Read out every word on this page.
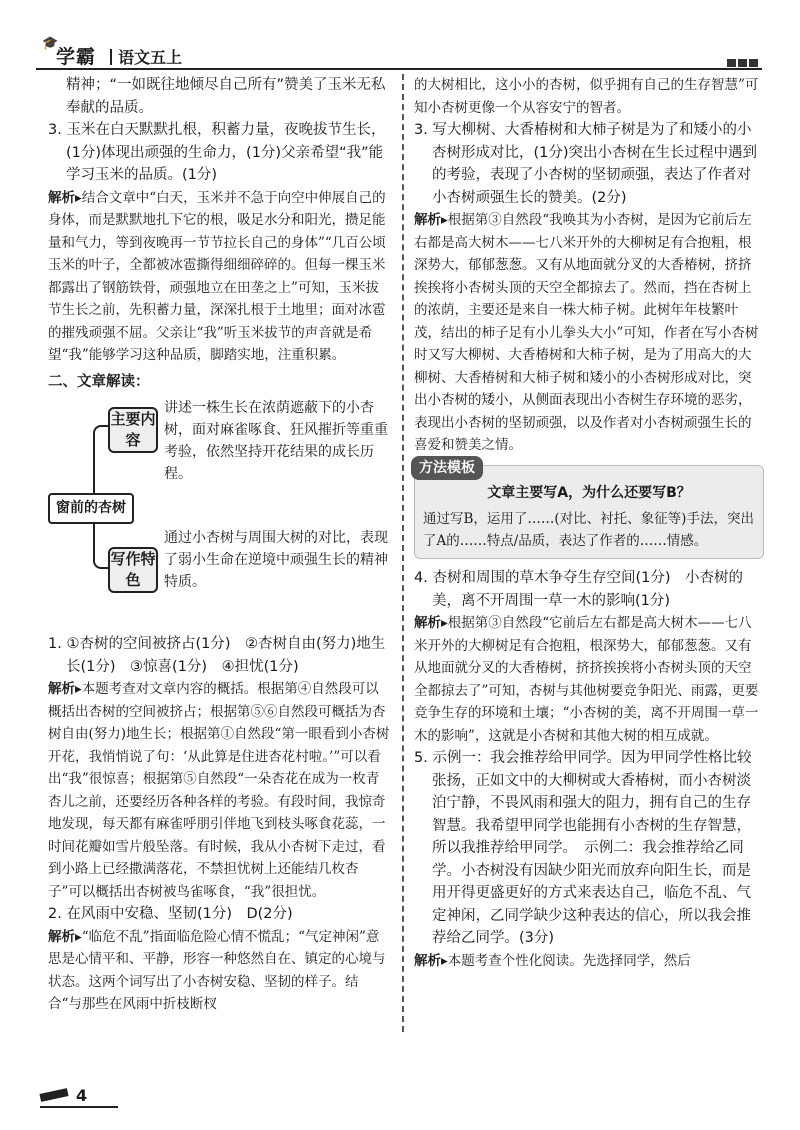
🎓
学霸	语文五上

精神；“一如既往地倾尽自己所有”赞美了玉米无私奉献的品质。

3. 玉米在白天默默扎根，积蓄力量，夜晚拔节生长，(1分)体现出顽强的生命力，(1分)父亲希望“我”能学习玉米的品质。(1分)

解析▸结合文章中“白天，玉米并不急于向空中伸展自己的身体，而是默默地扎下它的根，吸足水分和阳光，攒足能量和气力，等到夜晚再一节节拉长自己的身体”“几百公顷玉米的叶子，全都被冰雹撕得细细碎碎的。但每一棵玉米都露出了钢筋铁骨，顽强地立在田垄之上”可知，玉米拔节生长之前，先积蓄力量，深深扎根于土地里；面对冰雹的摧残顽强不屈。父亲让“我”听玉米拔节的声音就是希望“我”能够学习这种品质，脚踏实地，注重积累。

二、文章解读：

窗前的杏树
主要内容
讲述一株生长在浓荫遮蔽下的小杏树，面对麻雀啄食、狂风摧折等重重考验，依然坚持开花结果的成长历程。
写作特色
通过小杏树与周围大树的对比，表现了弱小生命在逆境中顽强生长的精神特质。

1. ①杏树的空间被挤占(1分)　②杏树自由(努力)地生长(1分)　③惊喜(1分)　④担忧(1分)

解析▸本题考查对文章内容的概括。根据第④自然段可以概括出杏树的空间被挤占；根据第⑤⑥自然段可概括为杏树自由(努力)地生长；根据第①自然段“第一眼看到小杏树开花，我悄悄说了句：‘从此算是住进杏花村啦。’”可以看出“我”很惊喜；根据第⑤自然段“一朵杏花在成为一枚青杏儿之前，还要经历各种各样的考验。有段时间，我惊奇地发现，每天都有麻雀呼朋引伴地飞到枝头啄食花蕊，一时间花瓣如雪片般坠落。有时候，我从小杏树下走过，看到小路上已经撒满落花，不禁担忧树上还能结几枚杏子”可以概括出杏树被鸟雀啄食，“我”很担忧。

2. 在风雨中安稳、坚韧(1分)　D(2分)

解析▸“临危不乱”指面临危险心情不慌乱；“气定神闲”意思是心情平和、平静，形容一种悠然自在、镇定的心境与状态。这两个词写出了小杏树安稳、坚韧的样子。结合“与那些在风雨中折枝断杈

的大树相比，这小小的杏树，似乎拥有自己的生存智慧”可知小杏树更像一个从容安宁的智者。

3. 写大柳树、大香椿树和大柿子树是为了和矮小的小杏树形成对比，(1分)突出小杏树在生长过程中遇到的考验，表现了小杏树的坚韧顽强，表达了作者对小杏树顽强生长的赞美。(2分)

解析▸根据第③自然段“我唤其为小杏树，是因为它前后左右都是高大树木——七八米开外的大柳树足有合抱粗，根深势大，郁郁葱葱。又有从地面就分叉的大香椿树，挤挤挨挨将小杏树头顶的天空全都掠去了。然而，挡在杏树上的浓荫，主要还是来自一株大柿子树。此树年年枝繁叶茂，结出的柿子足有小儿拳头大小”可知，作者在写小杏树时又写大柳树、大香椿树和大柿子树，是为了用高大的大柳树、大香椿树和大柿子树和矮小的小杏树形成对比，突出小杏树的矮小，从侧面表现出小杏树生存环境的恶劣，表现出小杏树的坚韧顽强，以及作者对小杏树顽强生长的喜爱和赞美之情。

方法模板

文章主要写A，为什么还要写B？

通过写B，运用了……(对比、衬托、象征等)手法，突出了A的……特点/品质，表达了作者的……情感。

4. 杏树和周围的草木争夺生存空间(1分)　小杏树的美，离不开周围一草一木的影响(1分)

解析▸根据第③自然段“它前后左右都是高大树木——七八米开外的大柳树足有合抱粗，根深势大，郁郁葱葱。又有从地面就分叉的大香椿树，挤挤挨挨将小杏树头顶的天空全都掠去了”可知，杏树与其他树要竞争阳光、雨露，更要竞争生存的环境和土壤；“小杏树的美，离不开周围一草一木的影响”，这就是小杏树和其他大树的相互成就。

5. 示例一：我会推荐给甲同学。因为甲同学性格比较张扬，正如文中的大柳树或大香椿树，而小杏树淡泊宁静，不畏风雨和强大的阻力，拥有自己的生存智慧。我希望甲同学也能拥有小杏树的生存智慧，所以我推荐给甲同学。　示例二：我会推荐给乙同学。小杏树没有因缺少阳光而放弃向阳生长，而是用开得更盛更好的方式来表达自己，临危不乱、气定神闲，乙同学缺少这种表达的信心，所以我会推荐给乙同学。(3分)

解析▸本题考查个性化阅读。先选择同学，然后

4
